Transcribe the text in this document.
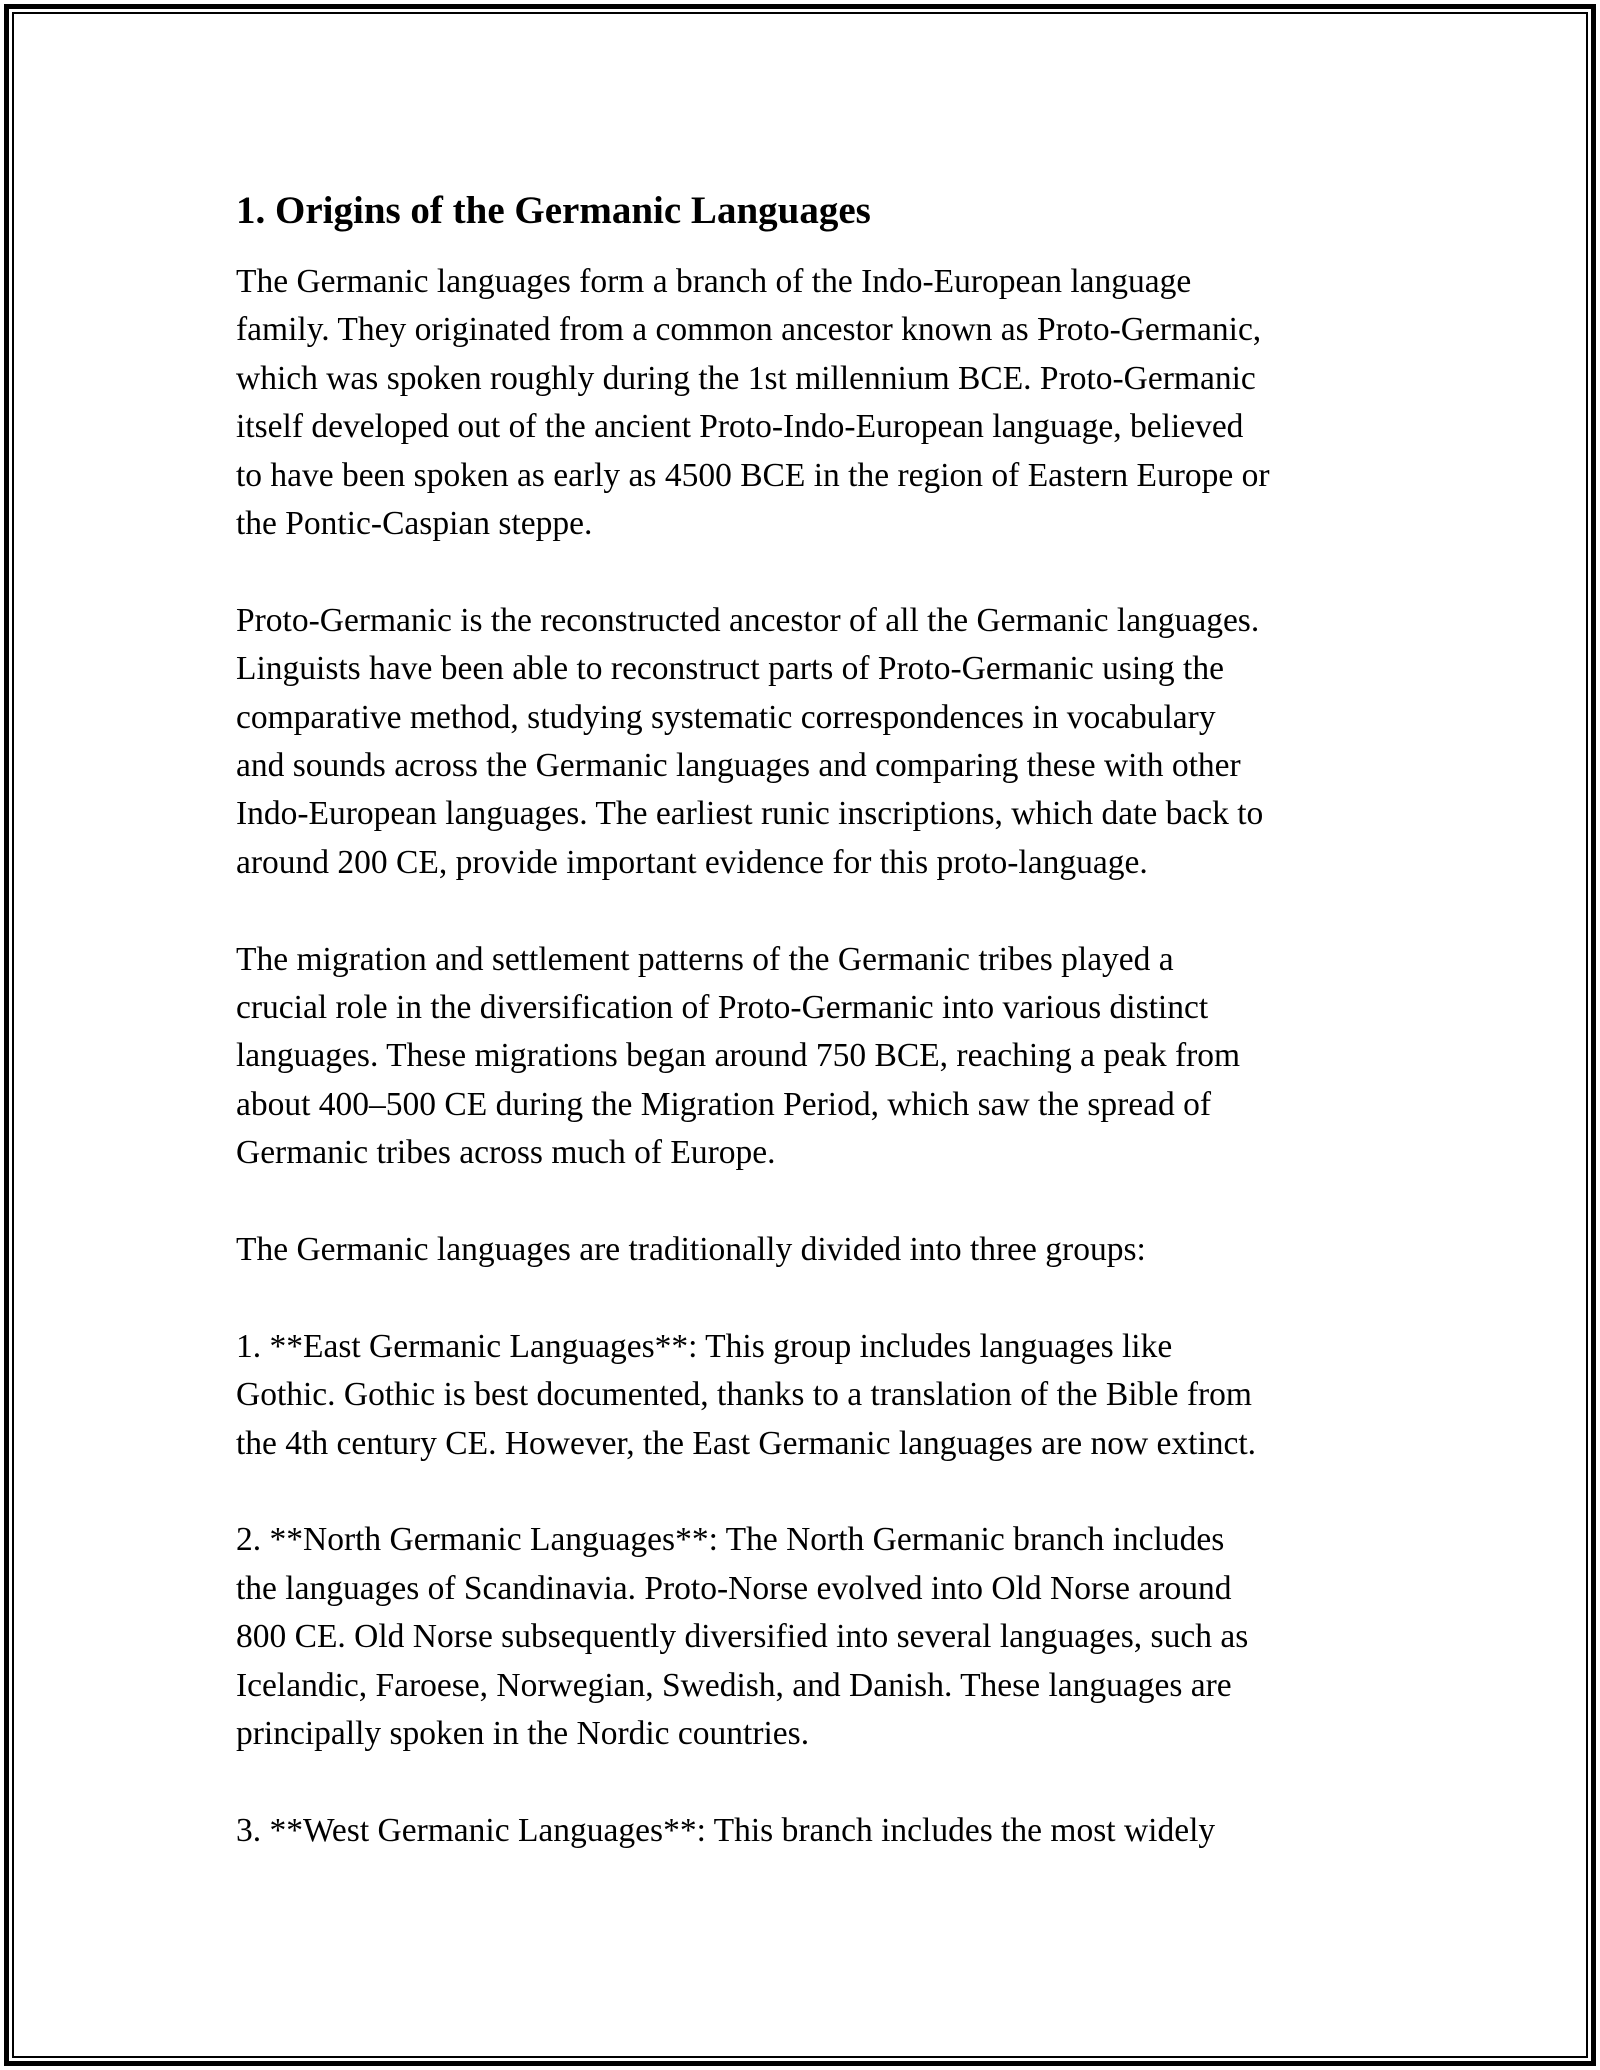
1. Origins of the Germanic Languages

The Germanic languages form a branch of the Indo-European language
family. They originated from a common ancestor known as Proto-Germanic,
which was spoken roughly during the 1st millennium BCE. Proto-Germanic
itself developed out of the ancient Proto-Indo-European language, believed
to have been spoken as early as 4500 BCE in the region of Eastern Europe or
the Pontic-Caspian steppe.

Proto-Germanic is the reconstructed ancestor of all the Germanic languages.
Linguists have been able to reconstruct parts of Proto-Germanic using the
comparative method, studying systematic correspondences in vocabulary
and sounds across the Germanic languages and comparing these with other
Indo-European languages. The earliest runic inscriptions, which date back to
around 200 CE, provide important evidence for this proto-language.

The migration and settlement patterns of the Germanic tribes played a
crucial role in the diversification of Proto-Germanic into various distinct
languages. These migrations began around 750 BCE, reaching a peak from
about 400–500 CE during the Migration Period, which saw the spread of
Germanic tribes across much of Europe.

The Germanic languages are traditionally divided into three groups:

1. **East Germanic Languages**: This group includes languages like
Gothic. Gothic is best documented, thanks to a translation of the Bible from
the 4th century CE. However, the East Germanic languages are now extinct.

2. **North Germanic Languages**: The North Germanic branch includes
the languages of Scandinavia. Proto-Norse evolved into Old Norse around
800 CE. Old Norse subsequently diversified into several languages, such as
Icelandic, Faroese, Norwegian, Swedish, and Danish. These languages are
principally spoken in the Nordic countries.

3. **West Germanic Languages**: This branch includes the most widely
